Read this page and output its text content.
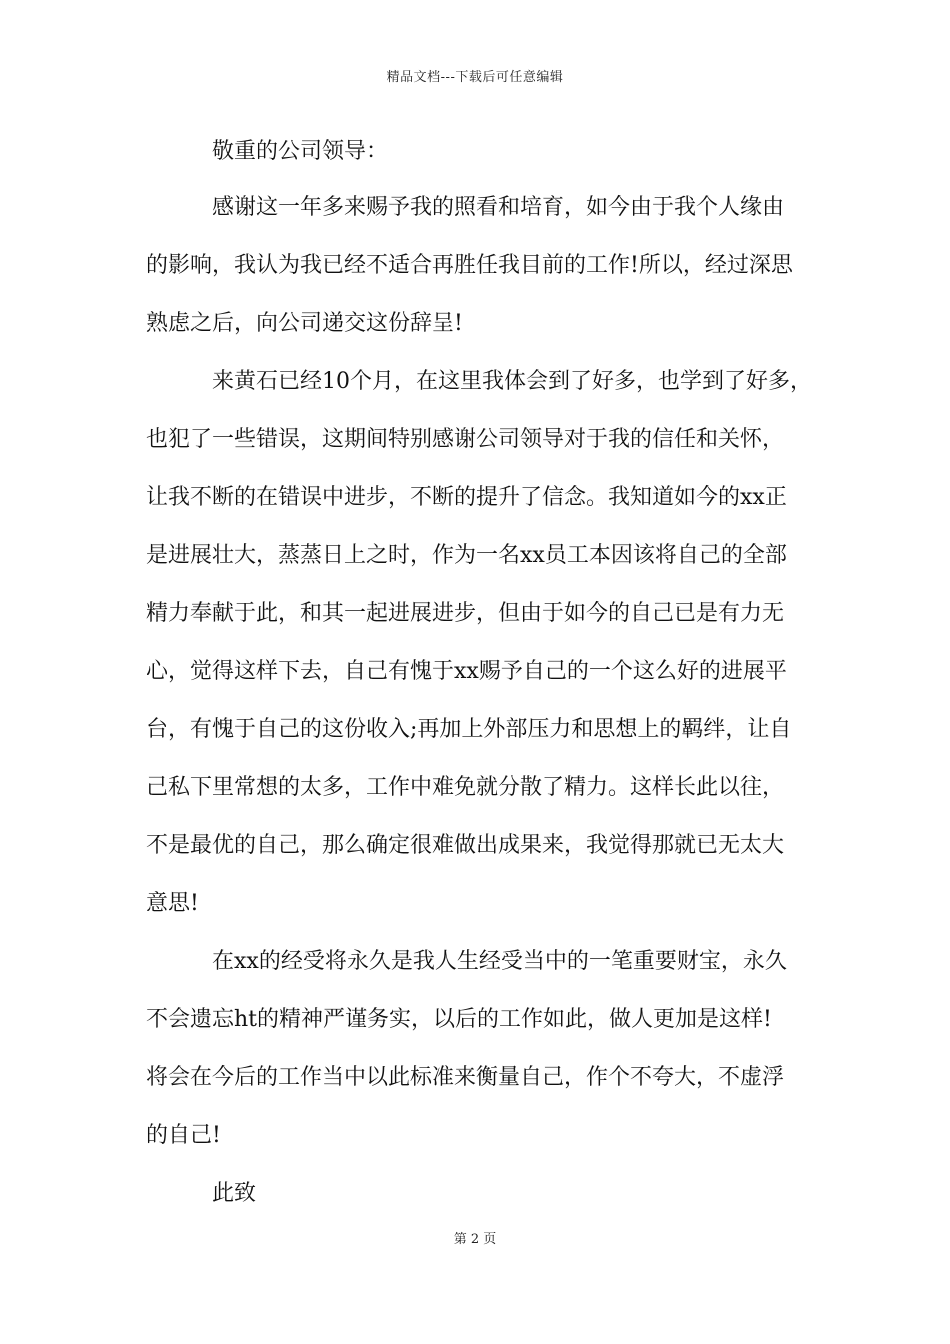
精品文档---下载后可任意编辑
敬重的公司领导：
感谢这一年多来赐予我的照看和培育，如今由于我个人缘由
的影响，我认为我已经不适合再胜任我目前的工作!所以，经过深思
熟虑之后，向公司递交这份辞呈!
来黄石已经10个月，在这里我体会到了好多，也学到了好多，
也犯了一些错误，这期间特别感谢公司领导对于我的信任和关怀，
让我不断的在错误中进步，不断的提升了信念。我知道如今的xx正
是进展壮大，蒸蒸日上之时，作为一名xx员工本因该将自己的全部
精力奉献于此，和其一起进展进步，但由于如今的自己已是有力无
心，觉得这样下去，自己有愧于xx赐予自己的一个这么好的进展平
台，有愧于自己的这份收入;再加上外部压力和思想上的羁绊，让自
己私下里常想的太多，工作中难免就分散了精力。这样长此以往，
不是最优的自己，那么确定很难做出成果来，我觉得那就已无太大
意思!
在xx的经受将永久是我人生经受当中的一笔重要财宝，永久
不会遗忘ht的精神严谨务实，以后的工作如此，做人更加是这样!
将会在今后的工作当中以此标准来衡量自己，作个不夸大，不虚浮
的自己!
此致
第 2 页
